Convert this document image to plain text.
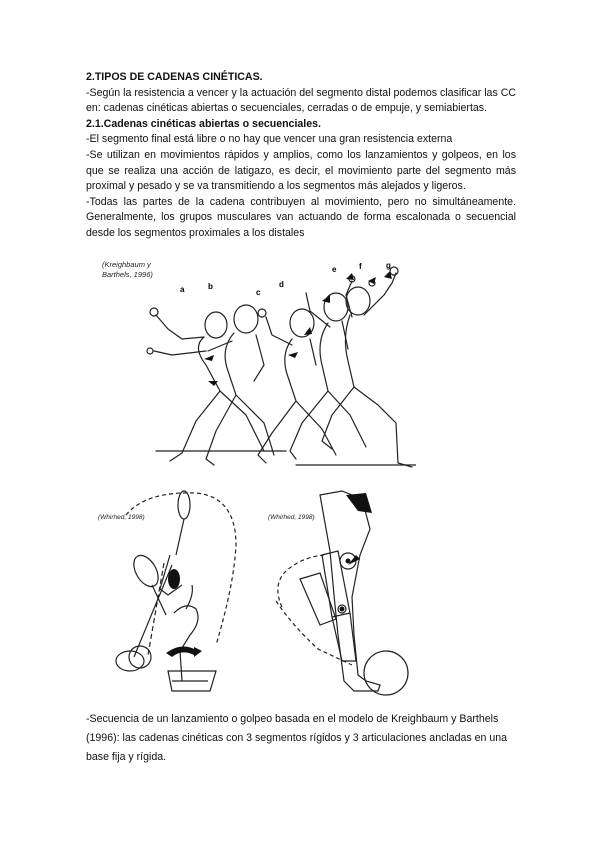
2.TIPOS DE CADENAS CINÉTICAS.

-Según la resistencia a vencer y la actuación del segmento distal podemos clasificar las CC en: cadenas cinéticas abiertas o secuenciales, cerradas o de empuje, y semiabiertas.

2.1.Cadenas cinéticas abiertas o secuenciales.

-El segmento final está libre o no hay que vencer una gran resistencia externa

-Se utilizan en movimientos rápidos y amplios, como los lanzamientos y golpeos, en los que se realiza una acción de latigazo, es decir, el movimiento parte del segmento más proximal y pesado y se va transmitiendo a los segmentos más alejados y ligeros.

-Todas las partes de la cadena contribuyen al movimiento, pero no simultáneamente. Generalmente, los grupos musculares van actuando de forma escalonada o secuencial desde los segmentos proximales a los distales

(Kreighbaum y
Barthels, 1996)
a	b
c
d
e	f	g
(Whirhed, 1998)	(Whirhed, 1998)

-Secuencia de un lanzamiento o golpeo basada en el modelo de Kreighbaum y Barthels (1996): las cadenas cinéticas con 3 segmentos rígidos y 3 articulaciones ancladas en una base fija y rígida.
